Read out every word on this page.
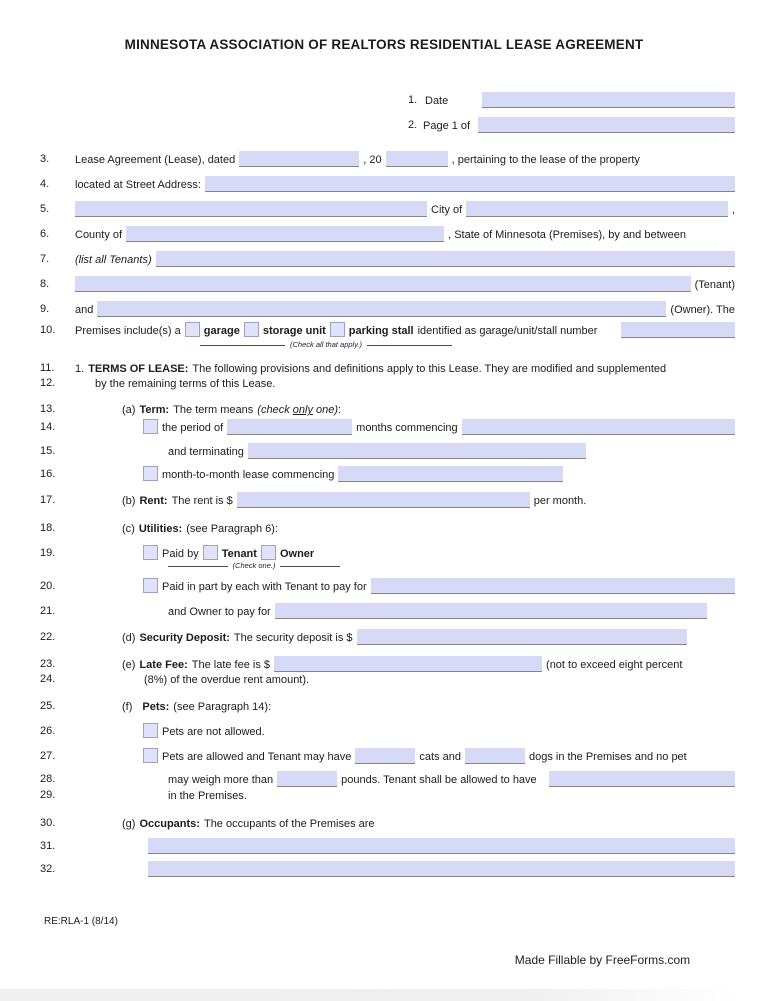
MINNESOTA ASSOCIATION OF REALTORS RESIDENTIAL LEASE AGREEMENT
1. Date
2. Page 1 of
3. Lease Agreement (Lease), dated	, 20	, pertaining to the lease of the property
4. located at Street Address:
5.	City of	,
6. County of	, State of Minnesota (Premises), by and between
7. (list all Tenants)
8.	(Tenant)
9. and	(Owner). The
10. Premises include(s) a garage storage unit parking stall identified as garage/unit/stall number
11. 1. TERMS OF LEASE: The following provisions and definitions apply to this Lease. They are modified and supplemented
12.	by the remaining terms of this Lease.
13.	(a) Term: The term means (check only one):
14.	the period of	months commencing
15.	and terminating
16.	month-to-month lease commencing
17.	(b) Rent: The rent is $	per month.
18.	(c) Utilities: (see Paragraph 6):
19.	Paid by Tenant Owner
20.	Paid in part by each with Tenant to pay for
21.	and Owner to pay for
22.	(d) Security Deposit: The security deposit is $
23.	(e) Late Fee: The late fee is $	(not to exceed eight percent
24.	(8%) of the overdue rent amount).
25.	(f) Pets: (see Paragraph 14):
26.	Pets are not allowed.
27.	Pets are allowed and Tenant may have	cats and	dogs in the Premises and no pet
28.	may weigh more than	pounds. Tenant shall be allowed to have
29.	in the Premises.
30.	(g) Occupants: The occupants of the Premises are
31.
32.
(Check all that apply.)
(Check one.)
RE:RLA-1 (8/14)
Made Fillable by FreeForms.com
